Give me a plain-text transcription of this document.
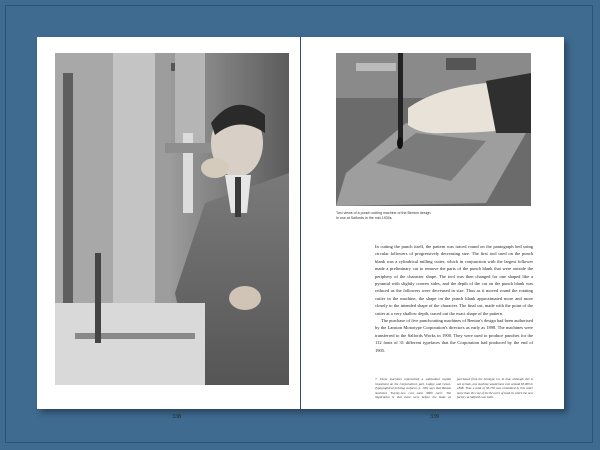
338
Two views of a punch cutting machine of the Benton design.
In use at Salfords in the mid-1930s.

In cutting the punch itself, the pattern was traced round on the pantograph bed using circular followers of progressively decreasing size. The first tool used on the punch blank was a cylindrical milling cutter, which in conjunction with the largest follower made a preliminary cut to remove the parts of the punch blank that were outside the periphery of the character shape. The tool was then changed for one shaped like a pyramid with slightly convex sides, and the depth of the cut on the punch blank was reduced as the followers were decreased in size. Thus as it moved round the rotating cutter in the machine, the shape on the punch blank approximated more and more closely to the intended shape of the character. The final cut, made with the point of the cutter at a very shallow depth, traced out the exact shape of the pattern.

The purchase of five punchcutting machines of Benton's design had been authorised by the Lanston Monotype Corporation's directors as early as 1898. The machines were transferred to the Salfords Works in 1900. They were used to produce punches for the 112 fonts of 31 different typefaces that the Corporation had produced by the end of 1905.

7. These machines represented a substantial capital investment on the Corporation's part. Lafaye and Green, Typographical printing surfaces, p. 195) says that Benton machines 'Twenty-two cost some $600 each'. The implication is that these were before the make as purchased from the Linotype Co. at that, although this is not certain, one machine would have cost around $3,000 in 1898. Thus a total of $3,750 was committed to this order more than the cost of the 82 acres of land on which the new factory at Salfords was built.
339
